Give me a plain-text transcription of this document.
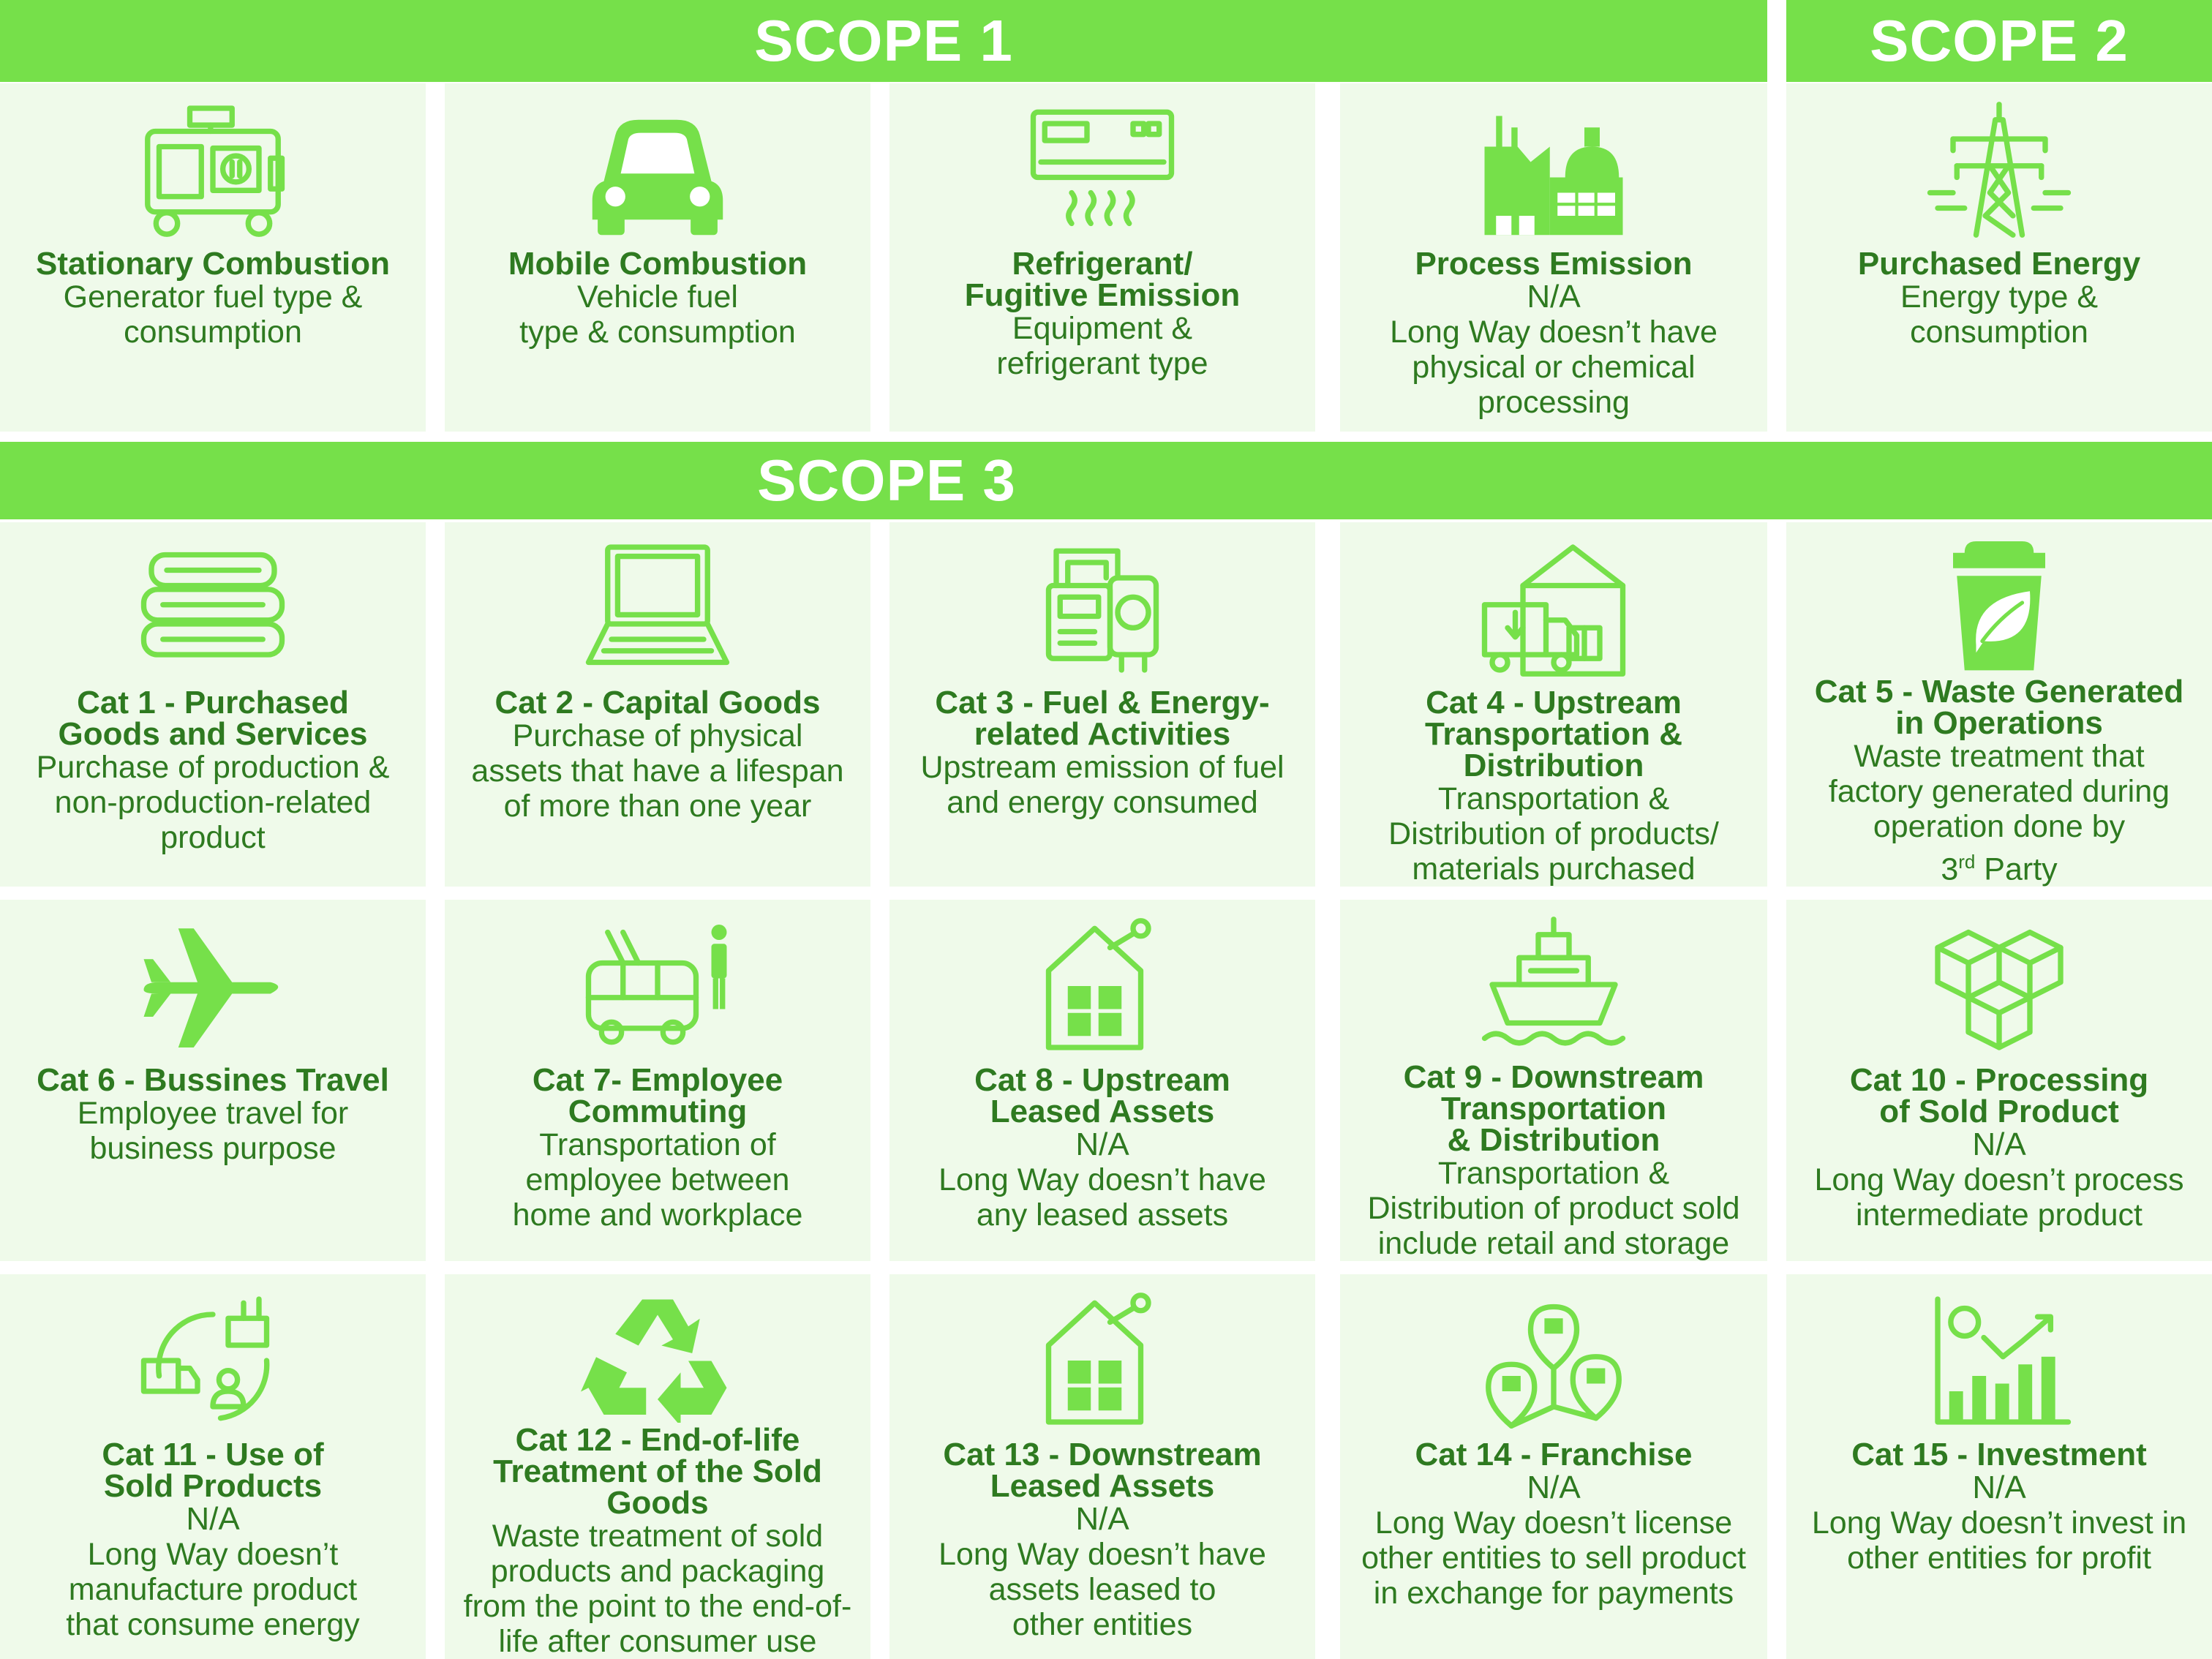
SCOPE 1	SCOPE 2
SCOPE 3
Stationary Combustion
Generator fuel type &
consumption
Mobile Combustion
Vehicle fuel
type & consumption
Refrigerant/
Fugitive Emission
Equipment &
refrigerant type
Process Emission
N/A
Long Way doesn’t have
physical or chemical
processing
Purchased Energy
Energy type &
consumption
Cat 1 - Purchased
Goods and Services
Purchase of production &
non-production-related
product
Cat 2 - Capital Goods
Purchase of physical
assets that have a lifespan
of more than one year
Cat 3 - Fuel & Energy-
related Activities
Upstream emission of fuel
and energy consumed
Cat 4 - Upstream
Transportation &
Distribution
Transportation &
Distribution of products/
materials purchased
Cat 5 - Waste Generated
in Operations
Waste treatment that
factory generated during
operation done by
3rd Party
Cat 6 - Bussines Travel
Employee travel for
business purpose
Cat 7- Employee
Commuting
Transportation of
employee between
home and workplace
Cat 8 - Upstream
Leased Assets
N/A
Long Way doesn’t have
any leased assets
Cat 9 - Downstream
Transportation
& Distribution
Transportation &
Distribution of product sold
include retail and storage
Cat 10 - Processing
of Sold Product
N/A
Long Way doesn’t process
intermediate product
Cat 11 - Use of
Sold Products
N/A
Long Way doesn’t
manufacture product
that consume energy
Cat 12 - End-of-life
Treatment of the Sold
Goods
Waste treatment of sold
products and packaging
from the point to the end-of-
life after consumer use
Cat 13 - Downstream
Leased Assets
N/A
Long Way doesn’t have
assets leased to
other entities
Cat 14 - Franchise
N/A
Long Way doesn’t license
other entities to sell product
in exchange for payments
Cat 15 - Investment
N/A
Long Way doesn’t invest in
other entities for profit
